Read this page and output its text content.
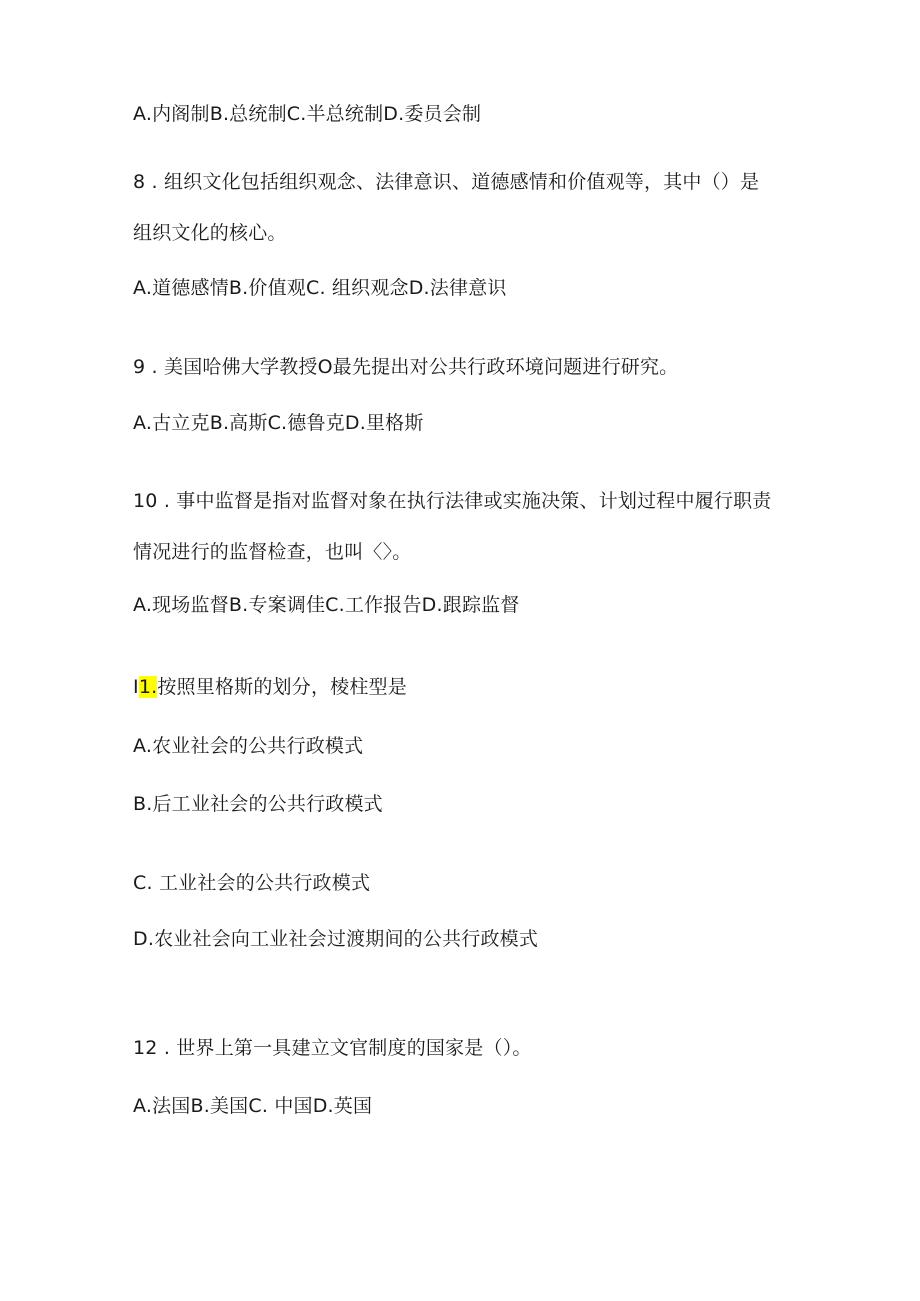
A.内阁制B.总统制C.半总统制D.委员会制
8 . 组织文化包括组织观念、法律意识、道德感情和价值观等，其中（）是
组织文化的核心。
A.道德感情B.价值观C. 组织观念D.法律意识
9 . 美国哈佛大学教授O最先提出对公共行政环境问题进行研究。
A.古立克B.高斯C.德鲁克D.里格斯
10 . 事中监督是指对监督对象在执行法律或实施决策、计划过程中履行职责
情况进行的监督检查，也叫〈〉。
A.现场监督B.专案调佳C.工作报告D.跟踪监督
I1.按照里格斯的划分，棱柱型是
A.农业社会的公共行政模式
B.后工业社会的公共行政模式
C. 工业社会的公共行政模式
D.农业社会向工业社会过渡期间的公共行政模式
12 . 世界上第一具建立文官制度的国家是（）。
A.法国B.美国C. 中国D.英国
